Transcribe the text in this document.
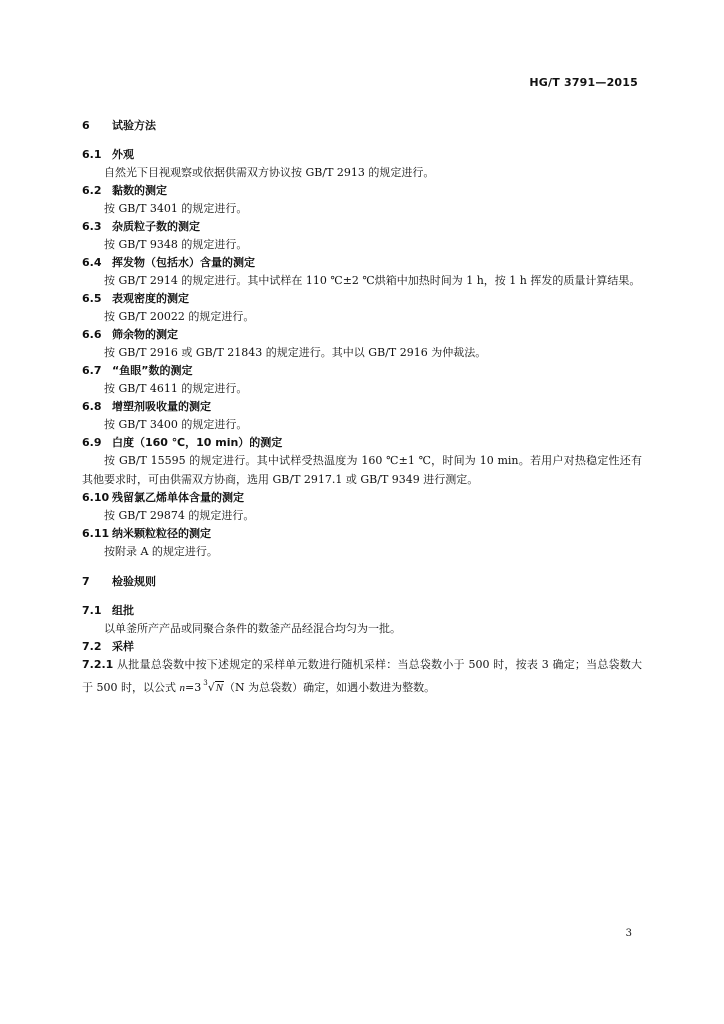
HG/T 3791—2015

6 试验方法

6.1 外观

自然光下目视观察或依据供需双方协议按 GB/T 2913 的规定进行。

6.2 黏数的测定

按 GB/T 3401 的规定进行。

6.3 杂质粒子数的测定

按 GB/T 9348 的规定进行。

6.4 挥发物（包括水）含量的测定

按 GB/T 2914 的规定进行。其中试样在 110 ℃±2 ℃烘箱中加热时间为 1 h，按 1 h 挥发的质量计算结果。

6.5 表观密度的测定

按 GB/T 20022 的规定进行。

6.6 筛余物的测定

按 GB/T 2916 或 GB/T 21843 的规定进行。其中以 GB/T 2916 为仲裁法。

6.7 “鱼眼”数的测定

按 GB/T 4611 的规定进行。

6.8 增塑剂吸收量的测定

按 GB/T 3400 的规定进行。

6.9 白度（160 ℃，10 min）的测定

按 GB/T 15595 的规定进行。其中试样受热温度为 160 ℃±1 ℃，时间为 10 min。若用户对热稳定性还有其他要求时，可由供需双方协商，选用 GB/T 2917.1 或 GB/T 9349 进行测定。

6.10 残留氯乙烯单体含量的测定

按 GB/T 29874 的规定进行。

6.11 纳米颗粒粒径的测定

按附录 A 的规定进行。

7 检验规则

7.1 组批

以单釜所产产品或同聚合条件的数釜产品经混合均匀为一批。

7.2 采样

7.2.1 从批量总袋数中按下述规定的采样单元数进行随机采样：当总袋数小于 500 时，按表 3 确定；当总袋数大于 500 时，以公式 n=3 $^3$√N（N 为总袋数）确定，如遇小数进为整数。

3
